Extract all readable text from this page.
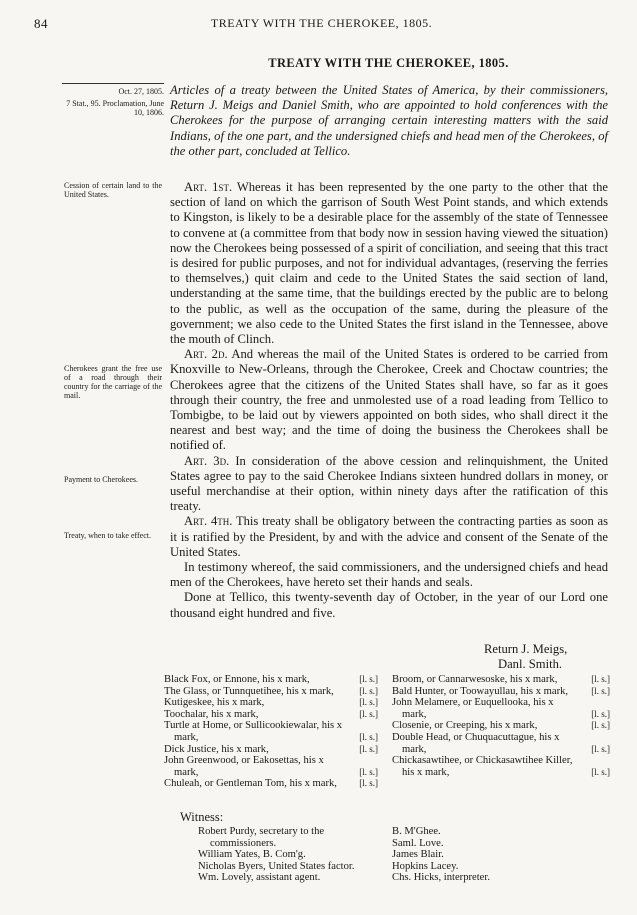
84	TREATY WITH THE CHEROKEE, 1805.
TREATY WITH THE CHEROKEE, 1805.
Oct. 27, 1805.
7 Stat., 95. Proclamation, June 10, 1806.
Articles of a treaty between the United States of America, by their commissioners, Return J. Meigs and Daniel Smith, who are appointed to hold conferences with the Cherokees for the purpose of arranging certain interesting matters with the said Indians, of the one part, and the undersigned chiefs and head men of the Cherokees, of the other part, concluded at Tellico.
Cession of certain land to the United States.
Cherokees grant the free use of a road through their country for the carriage of the mail.
Payment to Cherokees.
Treaty, when to take effect.
Art. 1st. Whereas it has been represented by the one party to the other that the section of land on which the garrison of South West Point stands, and which extends to Kingston, is likely to be a desirable place for the assembly of the state of Tennessee to convene at (a committee from that body now in session having viewed the situation) now the Cherokees being possessed of a spirit of conciliation, and seeing that this tract is desired for public purposes, and not for individual advantages, (reserving the ferries to themselves,) quit claim and cede to the United States the said section of land, understanding at the same time, that the buildings erected by the public are to belong to the public, as well as the occupation of the same, during the pleasure of the government; we also cede to the United States the first island in the Tennessee, above the mouth of Clinch.
Art. 2d. And whereas the mail of the United States is ordered to be carried from Knoxville to New-Orleans, through the Cherokee, Creek and Choctaw countries; the Cherokees agree that the citizens of the United States shall have, so far as it goes through their country, the free and unmolested use of a road leading from Tellico to Tombigbe, to be laid out by viewers appointed on both sides, who shall direct it the nearest and best way; and the time of doing the business the Cherokees shall be notified of.
Art. 3d. In consideration of the above cession and relinquishment, the United States agree to pay to the said Cherokee Indians sixteen hundred dollars in money, or useful merchandise at their option, within ninety days after the ratification of this treaty.
Art. 4th. This treaty shall be obligatory between the contracting parties as soon as it is ratified by the President, by and with the advice and consent of the Senate of the United States.
In testimony whereof, the said commissioners, and the undersigned chiefs and head men of the Cherokees, have hereto set their hands and seals.
Done at Tellico, this twenty-seventh day of October, in the year of our Lord one thousand eight hundred and five.
Return J. Meigs,
Danl. Smith.
Black Fox, or Ennone, his x mark,	[l. s.]
The Glass, or Tunnquetihee, his x mark,	[l. s.]
Kutigeskee, his x mark,	[l. s.]
Toochalar, his x mark,	[l. s.]
Turtle at Home, or Sullicookiewalar, his x mark,	[l. s.]
Dick Justice, his x mark,	[l. s.]
John Greenwood, or Eakosettas, his x mark,	[l. s.]
Chuleah, or Gentleman Tom, his x mark,	[l. s.]
Broom, or Cannarwesoske, his x mark,	[l. s.]
Bald Hunter, or Toowayullau, his x mark,	[l. s.]
John Melamere, or Euquellooka, his x mark,	[l. s.]
Closenie, or Creeping, his x mark,	[l. s.]
Double Head, or Chuquacuttague, his x mark,	[l. s.]
Chickasawtihee, or Chickasawtihee Killer, his x mark,	[l. s.]
Witness:
Robert Purdy, secretary to the commissioners.
William Yates, B. Com'g.
Nicholas Byers, United States factor.
Wm. Lovely, assistant agent.
B. M'Ghee.
Saml. Love.
James Blair.
Hopkins Lacey.
Chs. Hicks, interpreter.
